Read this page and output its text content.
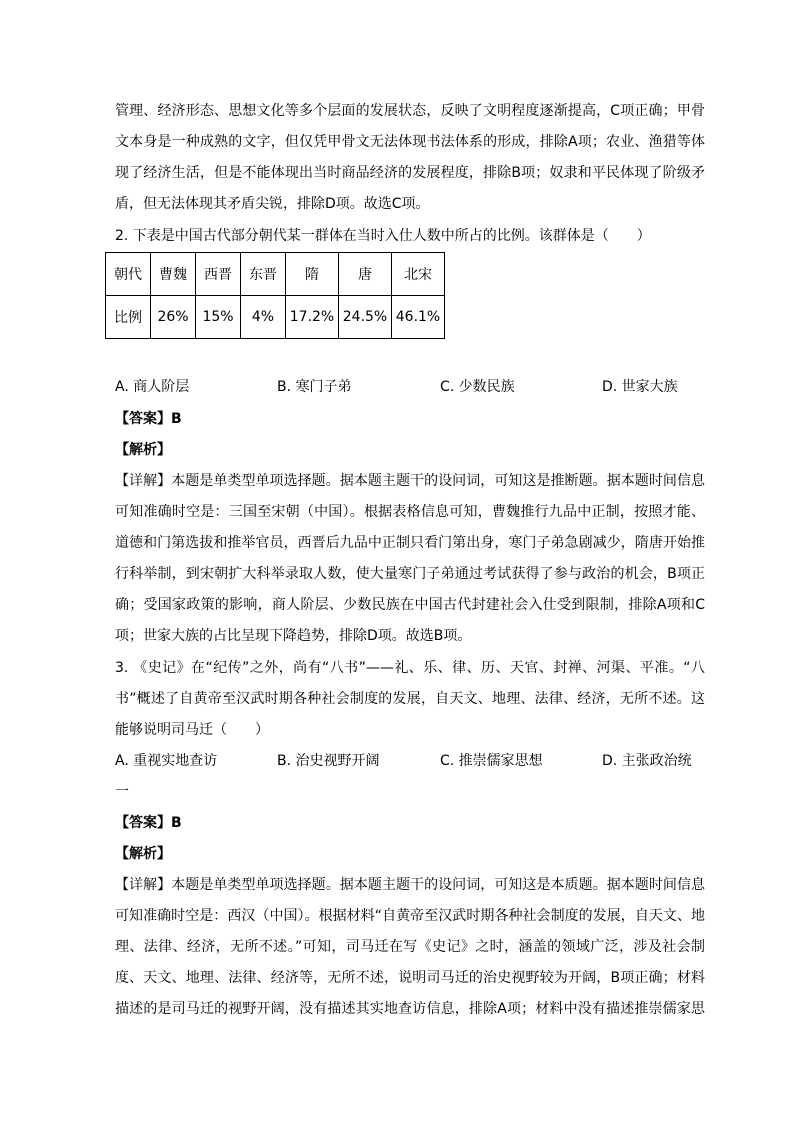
管理、经济形态、思想文化等多个层面的发展状态，反映了文明程度逐渐提高，C项正确；甲骨
文本身是一种成熟的文字，但仅凭甲骨文无法体现书法体系的形成，排除A项；农业、渔猎等体
现了经济生活，但是不能体现出当时商品经济的发展程度，排除B项；奴隶和平民体现了阶级矛
盾，但无法体现其矛盾尖锐，排除D项。故选C项。
2. 下表是中国古代部分朝代某一群体在当时入仕人数中所占的比例。该群体是（　　）
朝代	曹魏	西晋	东晋	隋	唐	北宋
比例	26%	15%	4%	17.2%	24.5%	46.1%
A. 商人阶层	B. 寒门子弟	C. 少数民族	D. 世家大族
【答案】B
【解析】
【详解】本题是单类型单项选择题。据本题主题干的设问词，可知这是推断题。据本题时间信息
可知准确时空是：三国至宋朝（中国）。根据表格信息可知，曹魏推行九品中正制，按照才能、
道德和门第选拔和推举官员，西晋后九品中正制只看门第出身，寒门子弟急剧减少，隋唐开始推
行科举制，到宋朝扩大科举录取人数，使大量寒门子弟通过考试获得了参与政治的机会，B项正
确；受国家政策的影响，商人阶层、少数民族在中国古代封建社会入仕受到限制，排除A项和C
项；世家大族的占比呈现下降趋势，排除D项。故选B项。
3. 《史记》在“纪传”之外，尚有“八书”——礼、乐、律、历、天官、封禅、河渠、平准。“八
书”概述了自黄帝至汉武时期各种社会制度的发展，自天文、地理、法律、经济，无所不述。这
能够说明司马迁（　　）
A. 重视实地查访	B. 治史视野开阔	C. 推崇儒家思想	D. 主张政治统
一
【答案】B
【解析】
【详解】本题是单类型单项选择题。据本题主题干的设问词，可知这是本质题。据本题时间信息
可知准确时空是：西汉（中国）。根据材料“自黄帝至汉武时期各种社会制度的发展，自天文、地
理、法律、经济，无所不述。”可知，司马迁在写《史记》之时，涵盖的领域广泛，涉及社会制
度、天文、地理、法律、经济等，无所不述，说明司马迁的治史视野较为开阔，B项正确；材料
描述的是司马迁的视野开阔，没有描述其实地查访信息，排除A项；材料中没有描述推崇儒家思
